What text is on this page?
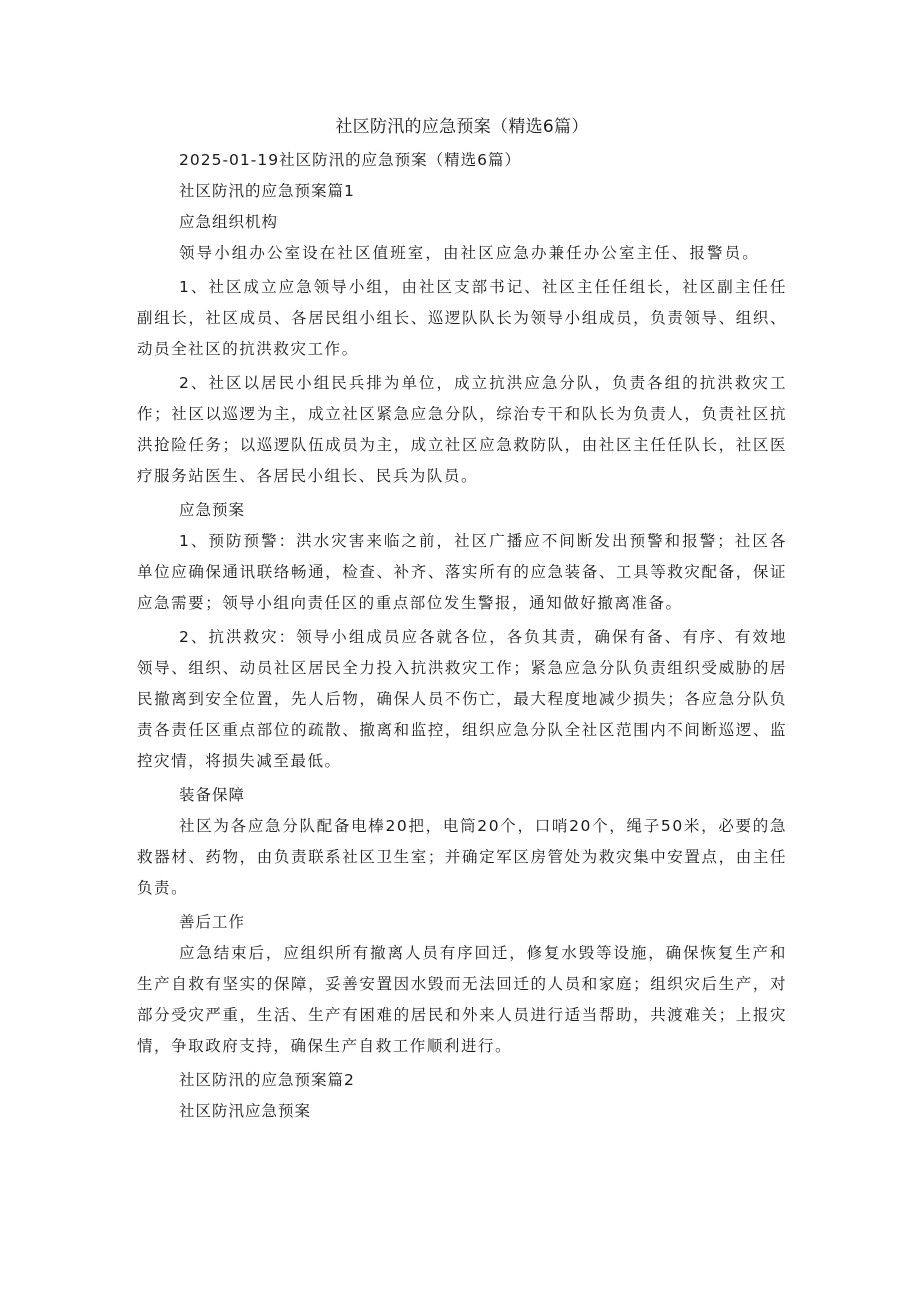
社区防汛的应急预案（精选6篇）

2025-01-19社区防汛的应急预案（精选6篇）

社区防汛的应急预案篇1

应急组织机构

领导小组办公室设在社区值班室，由社区应急办兼任办公室主任、报警员。

1、社区成立应急领导小组，由社区支部书记、社区主任任组长，社区副主任任副组长，社区成员、各居民组小组长、巡逻队队长为领导小组成员，负责领导、组织、动员全社区的抗洪救灾工作。

2、社区以居民小组民兵排为单位，成立抗洪应急分队，负责各组的抗洪救灾工作；社区以巡逻为主，成立社区紧急应急分队，综治专干和队长为负责人，负责社区抗洪抢险任务；以巡逻队伍成员为主，成立社区应急救防队，由社区主任任队长，社区医疗服务站医生、各居民小组长、民兵为队员。

应急预案

1、预防预警：洪水灾害来临之前，社区广播应不间断发出预警和报警；社区各单位应确保通讯联络畅通，检查、补齐、落实所有的应急装备、工具等救灾配备，保证应急需要；领导小组向责任区的重点部位发生警报，通知做好撤离准备。

2、抗洪救灾：领导小组成员应各就各位，各负其责，确保有备、有序、有效地领导、组织、动员社区居民全力投入抗洪救灾工作；紧急应急分队负责组织受威胁的居民撤离到安全位置，先人后物，确保人员不伤亡，最大程度地减少损失；各应急分队负责各责任区重点部位的疏散、撤离和监控，组织应急分队全社区范围内不间断巡逻、监控灾情，将损失减至最低。

装备保障

社区为各应急分队配备电棒20把，电筒20个，口哨20个，绳子50米，必要的急救器材、药物，由负责联系社区卫生室；并确定军区房管处为救灾集中安置点，由主任负责。

善后工作

应急结束后，应组织所有撤离人员有序回迁，修复水毁等设施，确保恢复生产和生产自救有坚实的保障，妥善安置因水毁而无法回迁的人员和家庭；组织灾后生产，对部分受灾严重，生活、生产有困难的居民和外来人员进行适当帮助，共渡难关；上报灾情，争取政府支持，确保生产自救工作顺利进行。

社区防汛的应急预案篇2

社区防汛应急预案
